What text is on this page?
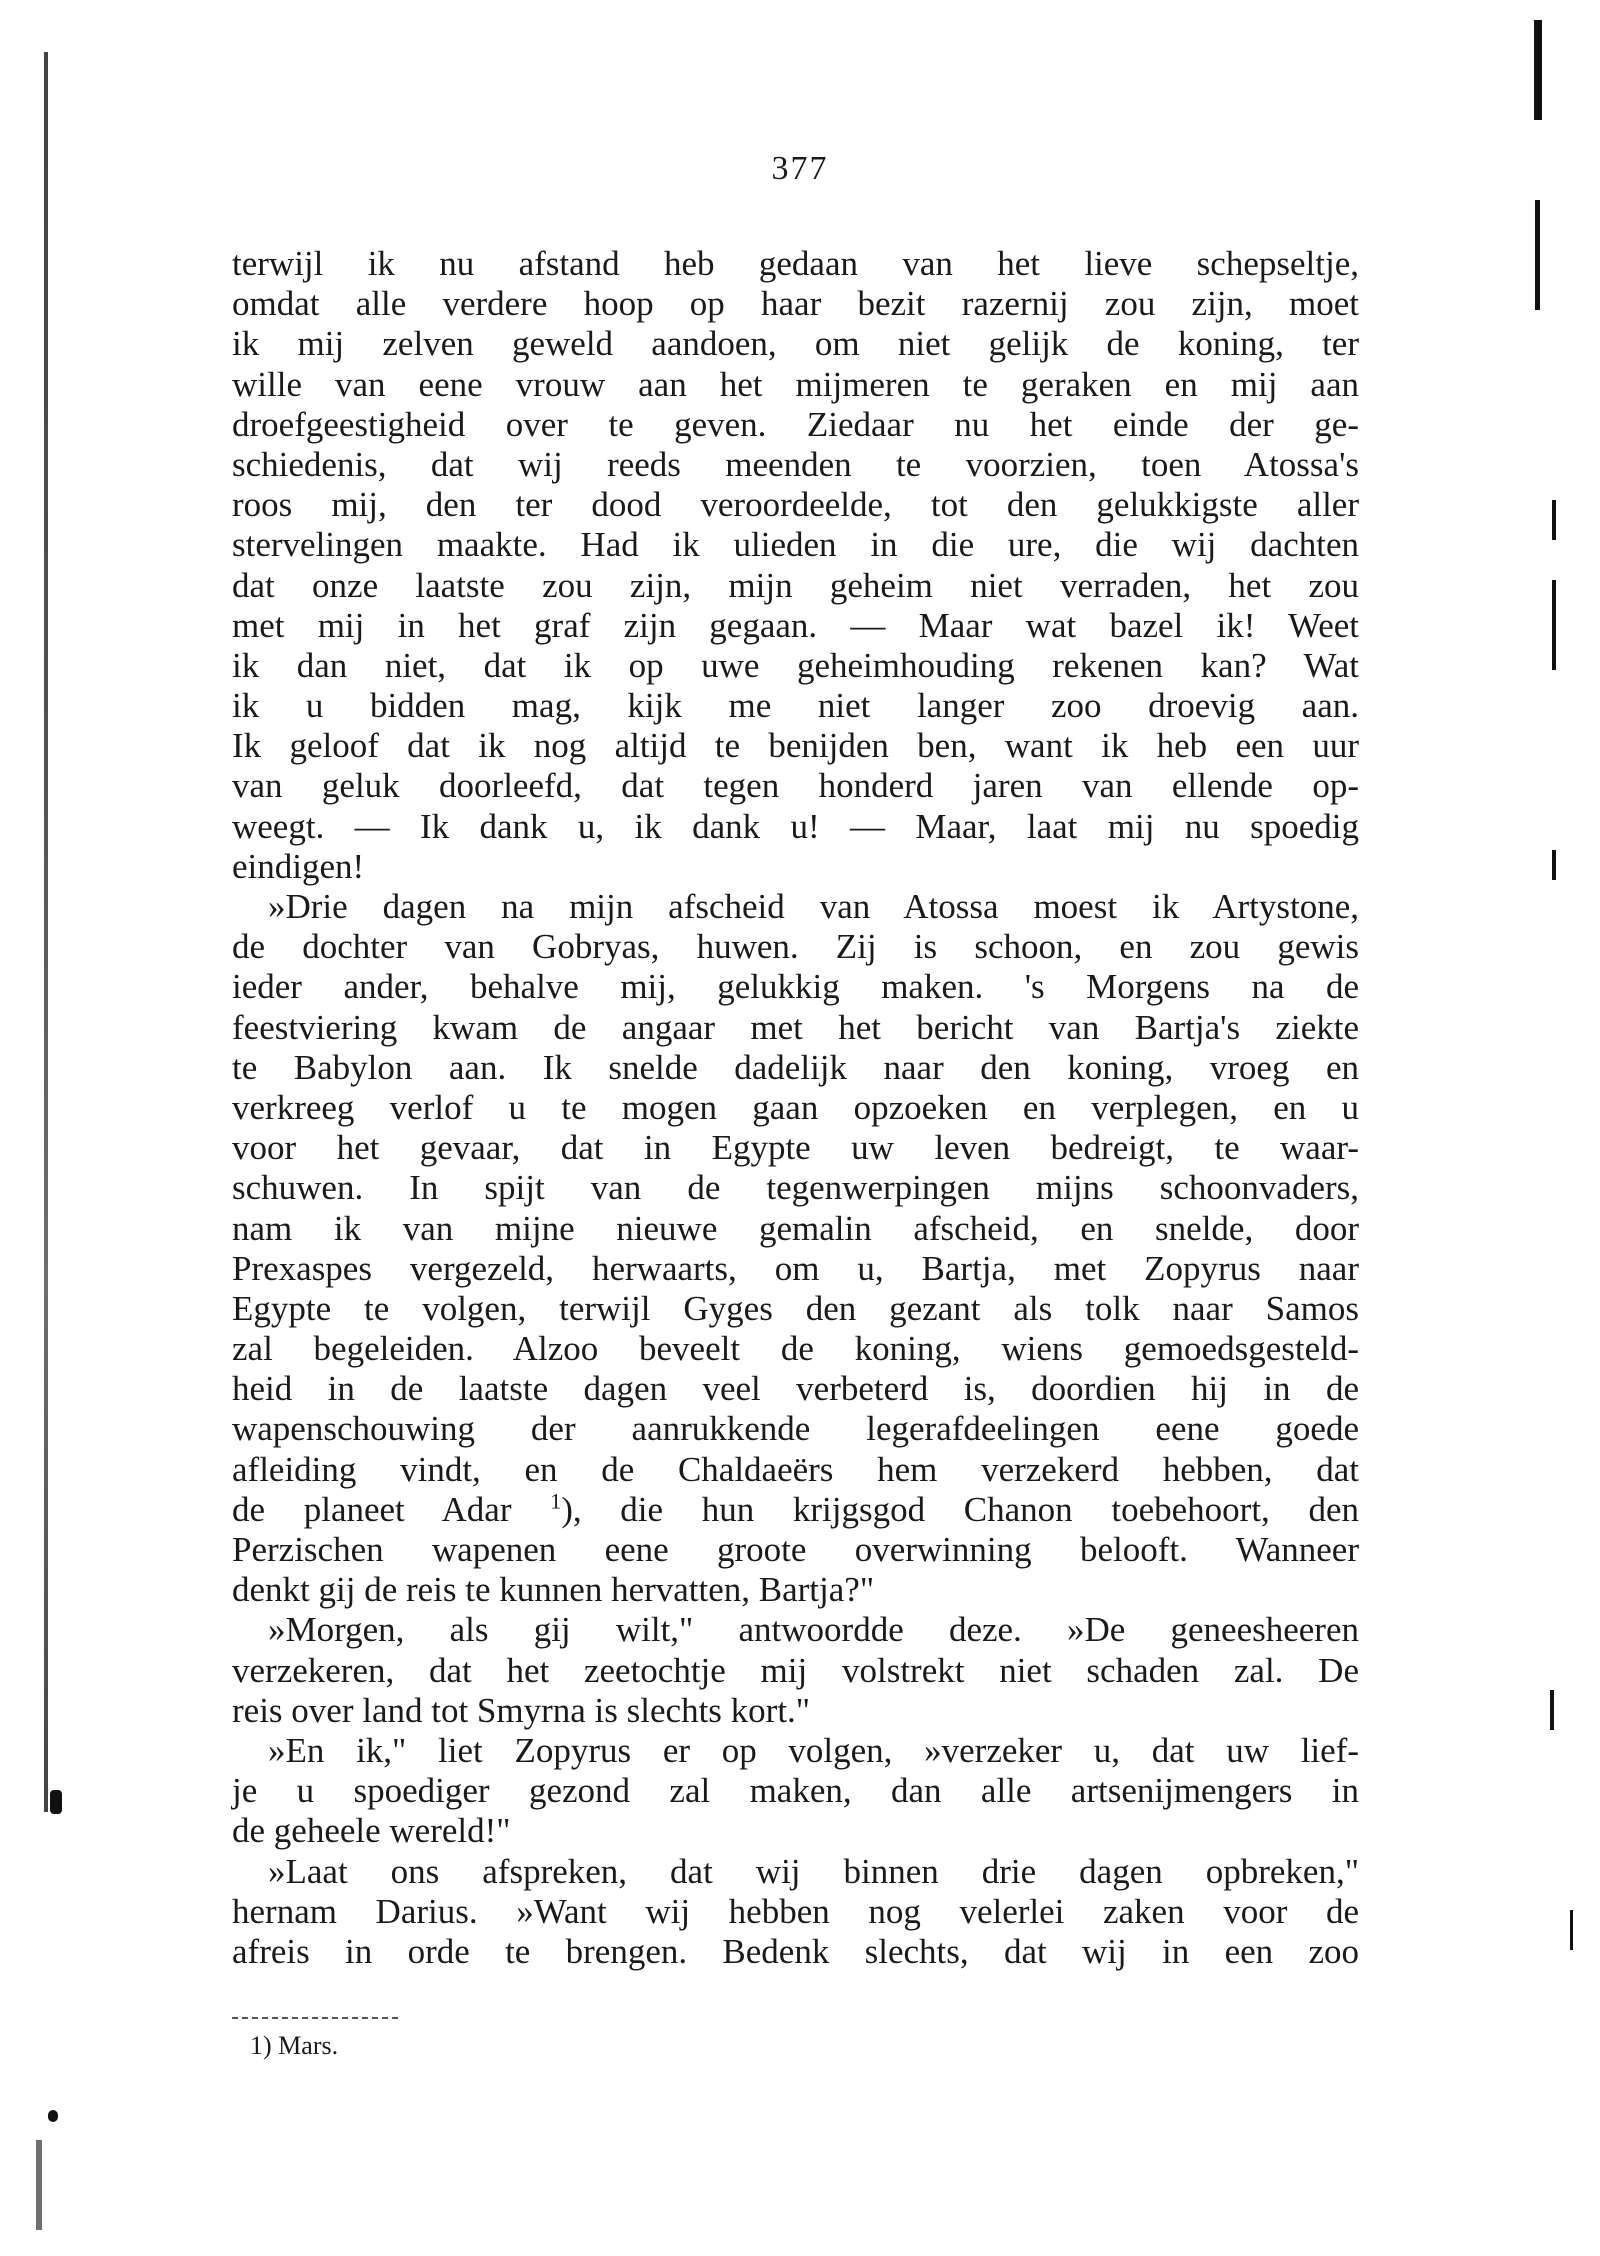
377
terwijl ik nu afstand heb gedaan van het lieve schepseltje,
omdat alle verdere hoop op haar bezit razernij zou zijn, moet
ik mij zelven geweld aandoen, om niet gelijk de koning, ter
wille van eene vrouw aan het mijmeren te geraken en mij aan
droefgeestigheid over te geven. Ziedaar nu het einde der ge-
schiedenis, dat wij reeds meenden te voorzien, toen Atossa's
roos mij, den ter dood veroordeelde, tot den gelukkigste aller
stervelingen maakte. Had ik ulieden in die ure, die wij dachten
dat onze laatste zou zijn, mijn geheim niet verraden, het zou
met mij in het graf zijn gegaan. — Maar wat bazel ik! Weet
ik dan niet, dat ik op uwe geheimhouding rekenen kan? Wat
ik u bidden mag, kijk me niet langer zoo droevig aan.
Ik geloof dat ik nog altijd te benijden ben, want ik heb een uur
van geluk doorleefd, dat tegen honderd jaren van ellende op-
weegt. — Ik dank u, ik dank u! — Maar, laat mij nu spoedig
eindigen!
»Drie dagen na mijn afscheid van Atossa moest ik Artystone,
de dochter van Gobryas, huwen. Zij is schoon, en zou gewis
ieder ander, behalve mij, gelukkig maken. 's Morgens na de
feestviering kwam de angaar met het bericht van Bartja's ziekte
te Babylon aan. Ik snelde dadelijk naar den koning, vroeg en
verkreeg verlof u te mogen gaan opzoeken en verplegen, en u
voor het gevaar, dat in Egypte uw leven bedreigt, te waar-
schuwen. In spijt van de tegenwerpingen mijns schoonvaders,
nam ik van mijne nieuwe gemalin afscheid, en snelde, door
Prexaspes vergezeld, herwaarts, om u, Bartja, met Zopyrus naar
Egypte te volgen, terwijl Gyges den gezant als tolk naar Samos
zal begeleiden. Alzoo beveelt de koning, wiens gemoedsgesteld-
heid in de laatste dagen veel verbeterd is, doordien hij in de
wapenschouwing der aanrukkende legerafdeelingen eene goede
afleiding vindt, en de Chaldaeërs hem verzekerd hebben, dat
de planeet Adar $^1$), die hun krijgsgod Chanon toebehoort, den
Perzischen wapenen eene groote overwinning belooft. Wanneer
denkt gij de reis te kunnen hervatten, Bartja?"
»Morgen, als gij wilt," antwoordde deze. »De geneesheeren
verzekeren, dat het zeetochtje mij volstrekt niet schaden zal. De
reis over land tot Smyrna is slechts kort."
»En ik," liet Zopyrus er op volgen, »verzeker u, dat uw lief-
je u spoediger gezond zal maken, dan alle artsenijmengers in
de geheele wereld!"
»Laat ons afspreken, dat wij binnen drie dagen opbreken,"
hernam Darius. »Want wij hebben nog velerlei zaken voor de
afreis in orde te brengen. Bedenk slechts, dat wij in een zoo
1) Mars.
